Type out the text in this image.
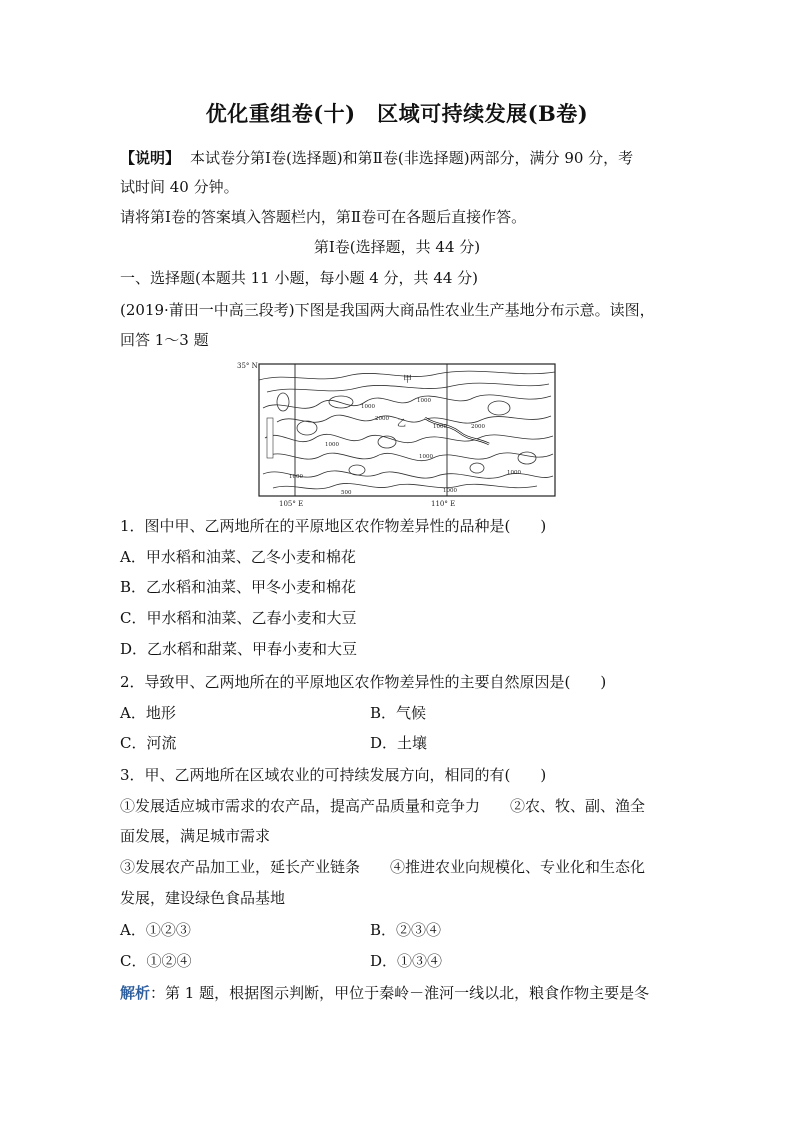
优化重组卷(十)　区域可持续发展(B卷)
【说明】 本试卷分第Ⅰ卷(选择题)和第Ⅱ卷(非选择题)两部分，满分 90 分，考
试时间 40 分钟。
请将第Ⅰ卷的答案填入答题栏内，第Ⅱ卷可在各题后直接作答。
第Ⅰ卷(选择题，共 44 分)
一、选择题(本题共 11 小题，每小题 4 分，共 44 分)
(2019·莆田一中高三段考)下图是我国两大商品性农业生产基地分布示意。读图，
回答 1～3 题
35° N
105° E	110° E
甲
乙
1000
1000
2000
1000
1000
1000
2000
500	1000
1000
1000
1．图中甲、乙两地所在的平原地区农作物差异性的品种是(　　)
A．甲水稻和油菜、乙冬小麦和棉花
B．乙水稻和油菜、甲冬小麦和棉花
C．甲水稻和油菜、乙春小麦和大豆
D．乙水稻和甜菜、甲春小麦和大豆
2．导致甲、乙两地所在的平原地区农作物差异性的主要自然原因是(　　)
A．地形	B．气候
C．河流	D．土壤
3．甲、乙两地所在区域农业的可持续发展方向，相同的有(　　)
①发展适应城市需求的农产品，提高产品质量和竞争力　　②农、牧、副、渔全
面发展，满足城市需求
③发展农产品加工业，延长产业链条　　④推进农业向规模化、专业化和生态化
发展，建设绿色食品基地
A．①②③	B．②③④
C．①②④	D．①③④
解析：第 1 题，根据图示判断，甲位于秦岭－淮河一线以北，粮食作物主要是冬
